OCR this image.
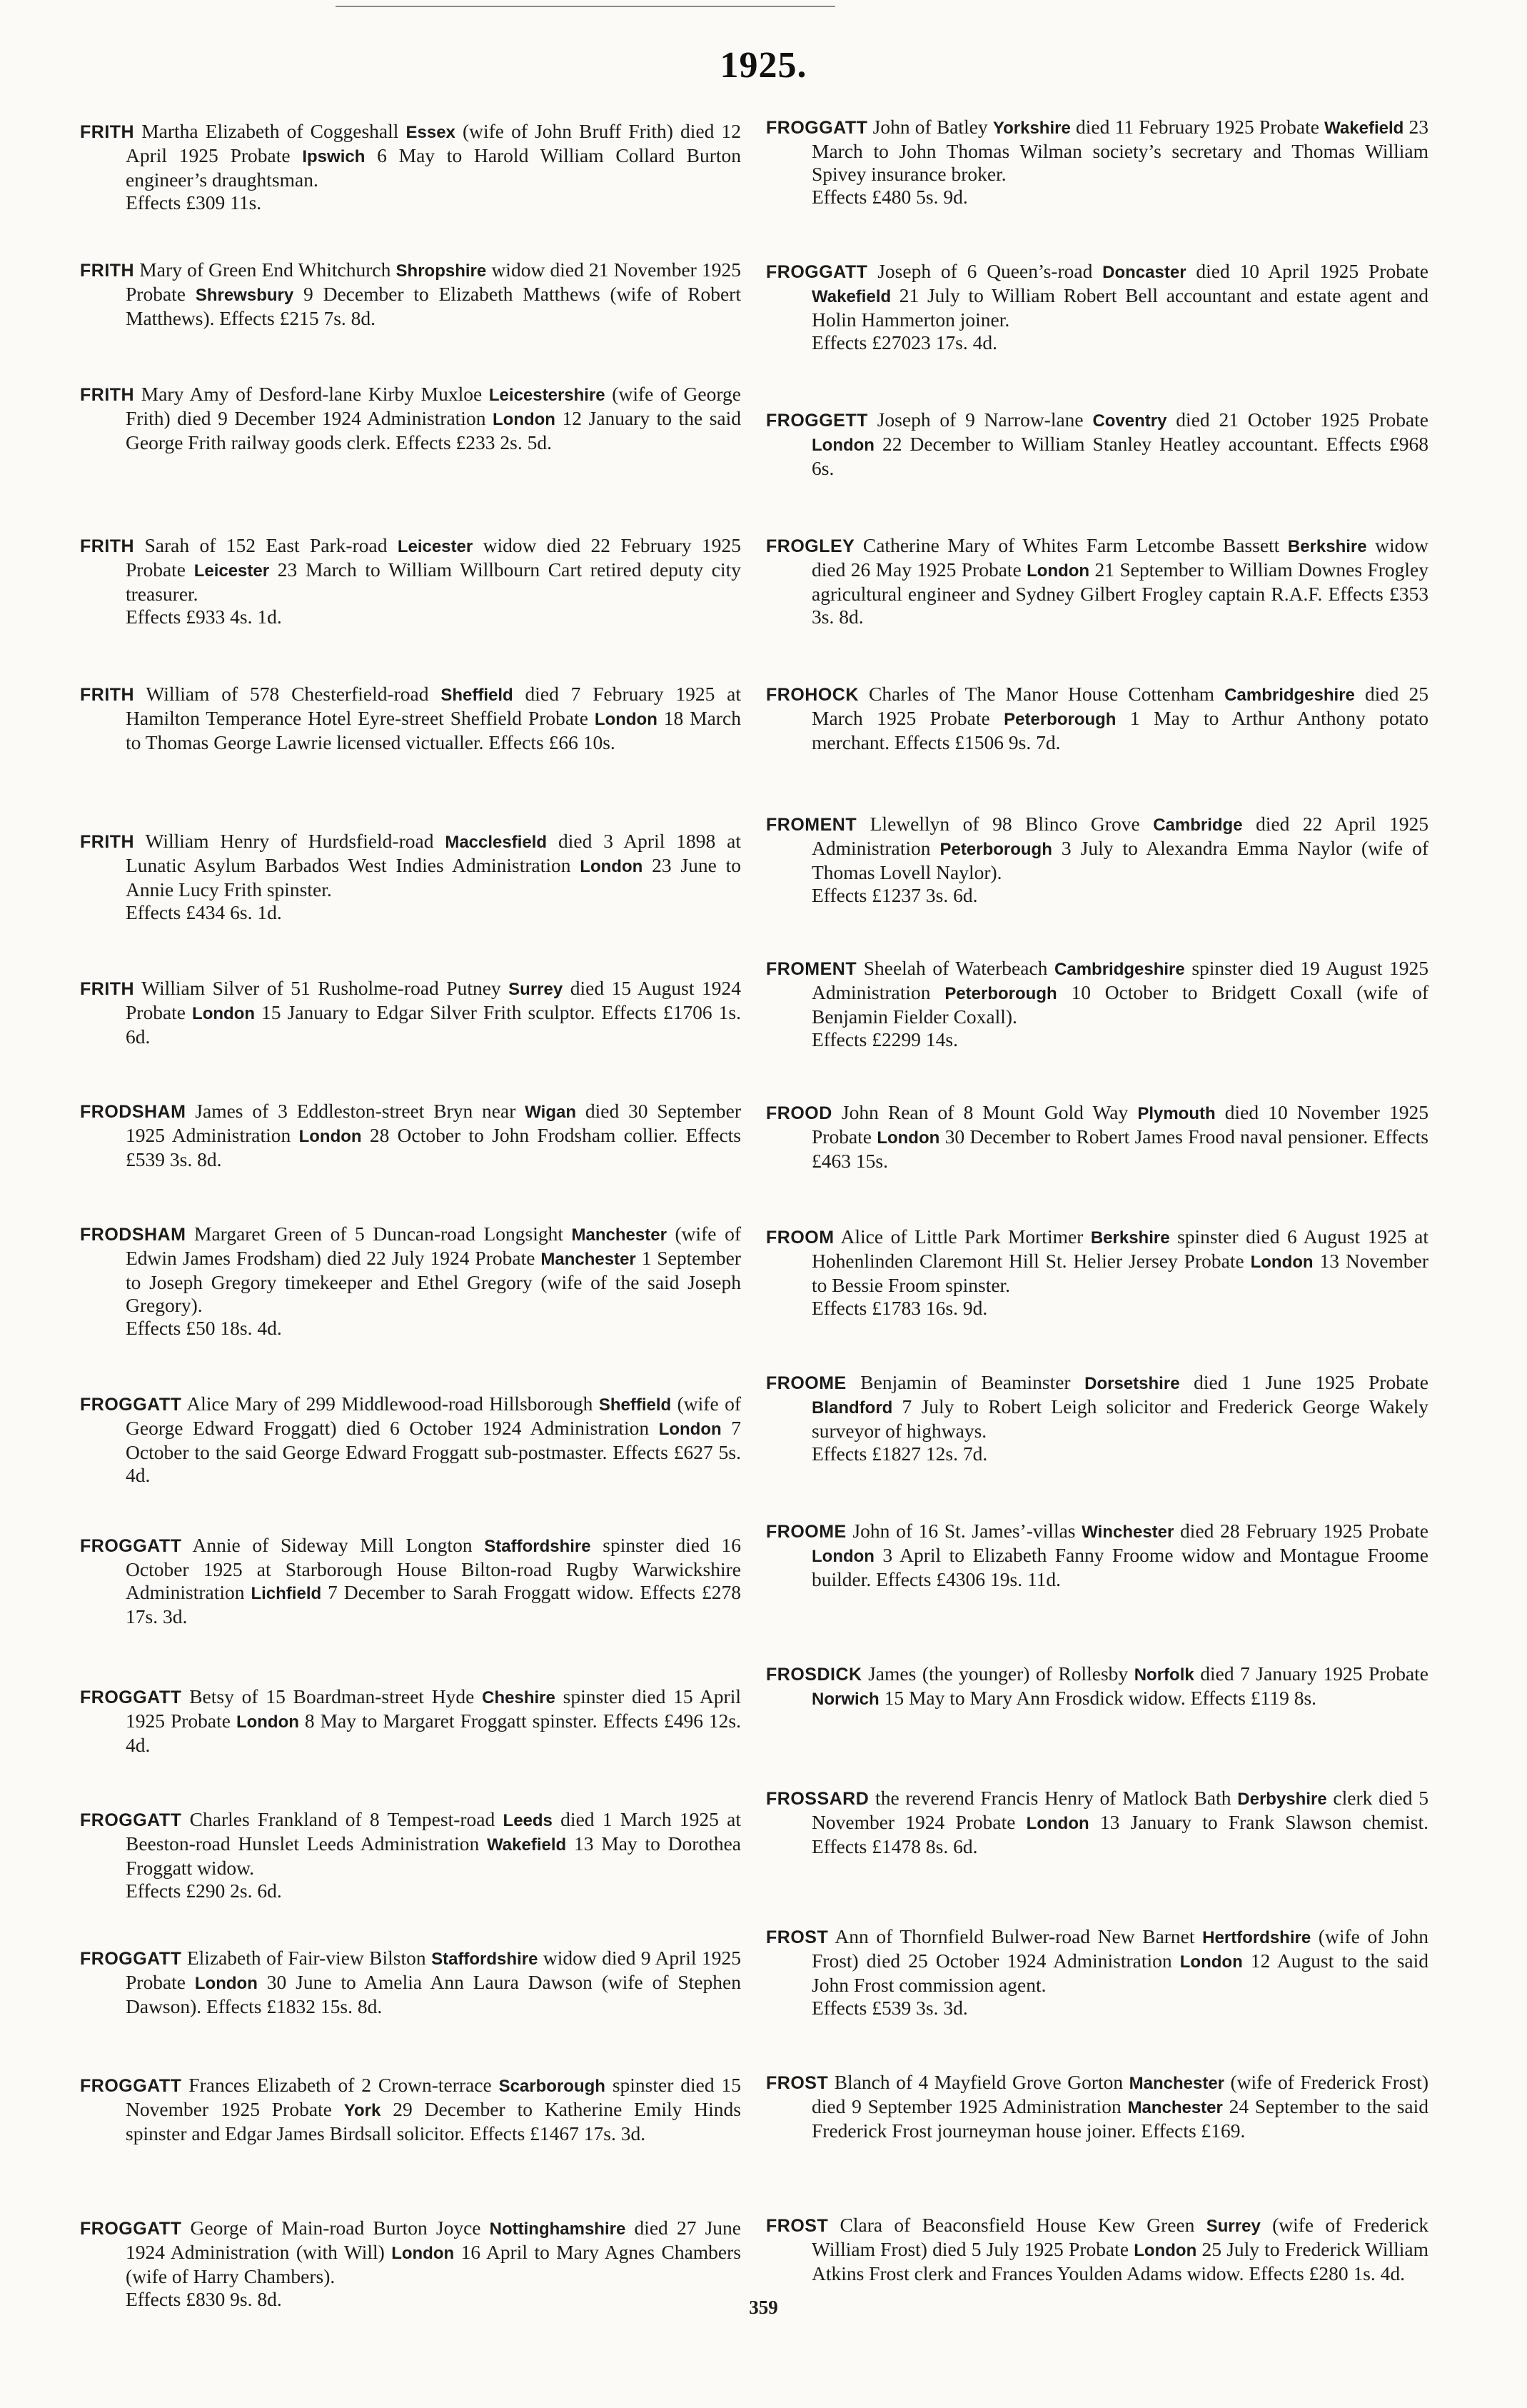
1925.

FRITH Martha Elizabeth of Coggeshall Essex (wife of John Bruff Frith) died 12 April 1925 Probate Ipswich 6 May to Harold William Collard Burton engineer’s draughtsman.
Effects £309 11s.

FRITH Mary of Green End Whitchurch Shropshire widow died 21 November 1925 Probate Shrewsbury 9 December to Elizabeth Matthews (wife of Robert Matthews). Effects £215 7s. 8d.

FRITH Mary Amy of Desford-lane Kirby Muxloe Leicestershire (wife of George Frith) died 9 December 1924 Administration London 12 January to the said George Frith railway goods clerk. Effects £233 2s. 5d.

FRITH Sarah of 152 East Park-road Leicester widow died 22 February 1925 Probate Leicester 23 March to William Willbourn Cart retired deputy city treasurer.
Effects £933 4s. 1d.

FRITH William of 578 Chesterfield-road Sheffield died 7 February 1925 at Hamilton Temperance Hotel Eyre-street Sheffield Probate London 18 March to Thomas George Lawrie licensed victualler. Effects £66 10s.

FRITH William Henry of Hurdsfield-road Macclesfield died 3 April 1898 at Lunatic Asylum Barbados West Indies Administration London 23 June to Annie Lucy Frith spinster.
Effects £434 6s. 1d.

FRITH William Silver of 51 Rusholme-road Putney Surrey died 15 August 1924 Probate London 15 January to Edgar Silver Frith sculptor. Effects £1706 1s. 6d.

FRODSHAM James of 3 Eddleston-street Bryn near Wigan died 30 September 1925 Administration London 28 October to John Frodsham collier. Effects £539 3s. 8d.

FRODSHAM Margaret Green of 5 Duncan-road Longsight Manchester (wife of Edwin James Frodsham) died 22 July 1924 Probate Manchester 1 September to Joseph Gregory timekeeper and Ethel Gregory (wife of the said Joseph Gregory).
Effects £50 18s. 4d.

FROGGATT Alice Mary of 299 Middlewood-road Hillsborough Sheffield (wife of George Edward Froggatt) died 6 October 1924 Administration London 7 October to the said George Edward Froggatt sub-postmaster. Effects £627 5s. 4d.

FROGGATT Annie of Sideway Mill Longton Staffordshire spinster died 16 October 1925 at Starborough House Bilton-road Rugby Warwickshire Administration Lichfield 7 December to Sarah Froggatt widow. Effects £278 17s. 3d.

FROGGATT Betsy of 15 Boardman-street Hyde Cheshire spinster died 15 April 1925 Probate London 8 May to Margaret Froggatt spinster. Effects £496 12s. 4d.

FROGGATT Charles Frankland of 8 Tempest-road Leeds died 1 March 1925 at Beeston-road Hunslet Leeds Administration Wakefield 13 May to Dorothea Froggatt widow.
Effects £290 2s. 6d.

FROGGATT Elizabeth of Fair-view Bilston Staffordshire widow died 9 April 1925 Probate London 30 June to Amelia Ann Laura Dawson (wife of Stephen Dawson). Effects £1832 15s. 8d.

FROGGATT Frances Elizabeth of 2 Crown-terrace Scarborough spinster died 15 November 1925 Probate York 29 December to Katherine Emily Hinds spinster and Edgar James Birdsall solicitor. Effects £1467 17s. 3d.

FROGGATT George of Main-road Burton Joyce Nottinghamshire died 27 June 1924 Administration (with Will) London 16 April to Mary Agnes Chambers (wife of Harry Chambers).
Effects £830 9s. 8d.

FROGGATT John of Batley Yorkshire died 11 February 1925 Probate Wakefield 23 March to John Thomas Wilman society’s secretary and Thomas William Spivey insurance broker.
Effects £480 5s. 9d.

FROGGATT Joseph of 6 Queen’s-road Doncaster died 10 April 1925 Probate Wakefield 21 July to William Robert Bell accountant and estate agent and Holin Hammerton joiner.
Effects £27023 17s. 4d.

FROGGETT Joseph of 9 Narrow-lane Coventry died 21 October 1925 Probate London 22 December to William Stanley Heatley accountant. Effects £968 6s.

FROGLEY Catherine Mary of Whites Farm Letcombe Bassett Berkshire widow died 26 May 1925 Probate London 21 September to William Downes Frogley agricultural engineer and Sydney Gilbert Frogley captain R.A.F. Effects £353 3s. 8d.

FROHOCK Charles of The Manor House Cottenham Cambridgeshire died 25 March 1925 Probate Peterborough 1 May to Arthur Anthony potato merchant. Effects £1506 9s. 7d.

FROMENT Llewellyn of 98 Blinco Grove Cambridge died 22 April 1925 Administration Peterborough 3 July to Alexandra Emma Naylor (wife of Thomas Lovell Naylor).
Effects £1237 3s. 6d.

FROMENT Sheelah of Waterbeach Cambridgeshire spinster died 19 August 1925 Administration Peterborough 10 October to Bridgett Coxall (wife of Benjamin Fielder Coxall).
Effects £2299 14s.

FROOD John Rean of 8 Mount Gold Way Plymouth died 10 November 1925 Probate London 30 December to Robert James Frood naval pensioner. Effects £463 15s.

FROOM Alice of Little Park Mortimer Berkshire spinster died 6 August 1925 at Hohenlinden Claremont Hill St. Helier Jersey Probate London 13 November to Bessie Froom spinster.
Effects £1783 16s. 9d.

FROOME Benjamin of Beaminster Dorsetshire died 1 June 1925 Probate Blandford 7 July to Robert Leigh solicitor and Frederick George Wakely surveyor of highways.
Effects £1827 12s. 7d.

FROOME John of 16 St. James’-villas Winchester died 28 February 1925 Probate London 3 April to Elizabeth Fanny Froome widow and Montague Froome builder. Effects £4306 19s. 11d.

FROSDICK James (the younger) of Rollesby Norfolk died 7 January 1925 Probate Norwich 15 May to Mary Ann Frosdick widow. Effects £119 8s.

FROSSARD the reverend Francis Henry of Matlock Bath Derbyshire clerk died 5 November 1924 Probate London 13 January to Frank Slawson chemist. Effects £1478 8s. 6d.

FROST Ann of Thornfield Bulwer-road New Barnet Hertfordshire (wife of John Frost) died 25 October 1924 Administration London 12 August to the said John Frost commission agent.
Effects £539 3s. 3d.

FROST Blanch of 4 Mayfield Grove Gorton Manchester (wife of Frederick Frost) died 9 September 1925 Administration Manchester 24 September to the said Frederick Frost journeyman house joiner. Effects £169.

FROST Clara of Beaconsfield House Kew Green Surrey (wife of Frederick William Frost) died 5 July 1925 Probate London 25 July to Frederick William Atkins Frost clerk and Frances Youlden Adams widow. Effects £280 1s. 4d.

359
